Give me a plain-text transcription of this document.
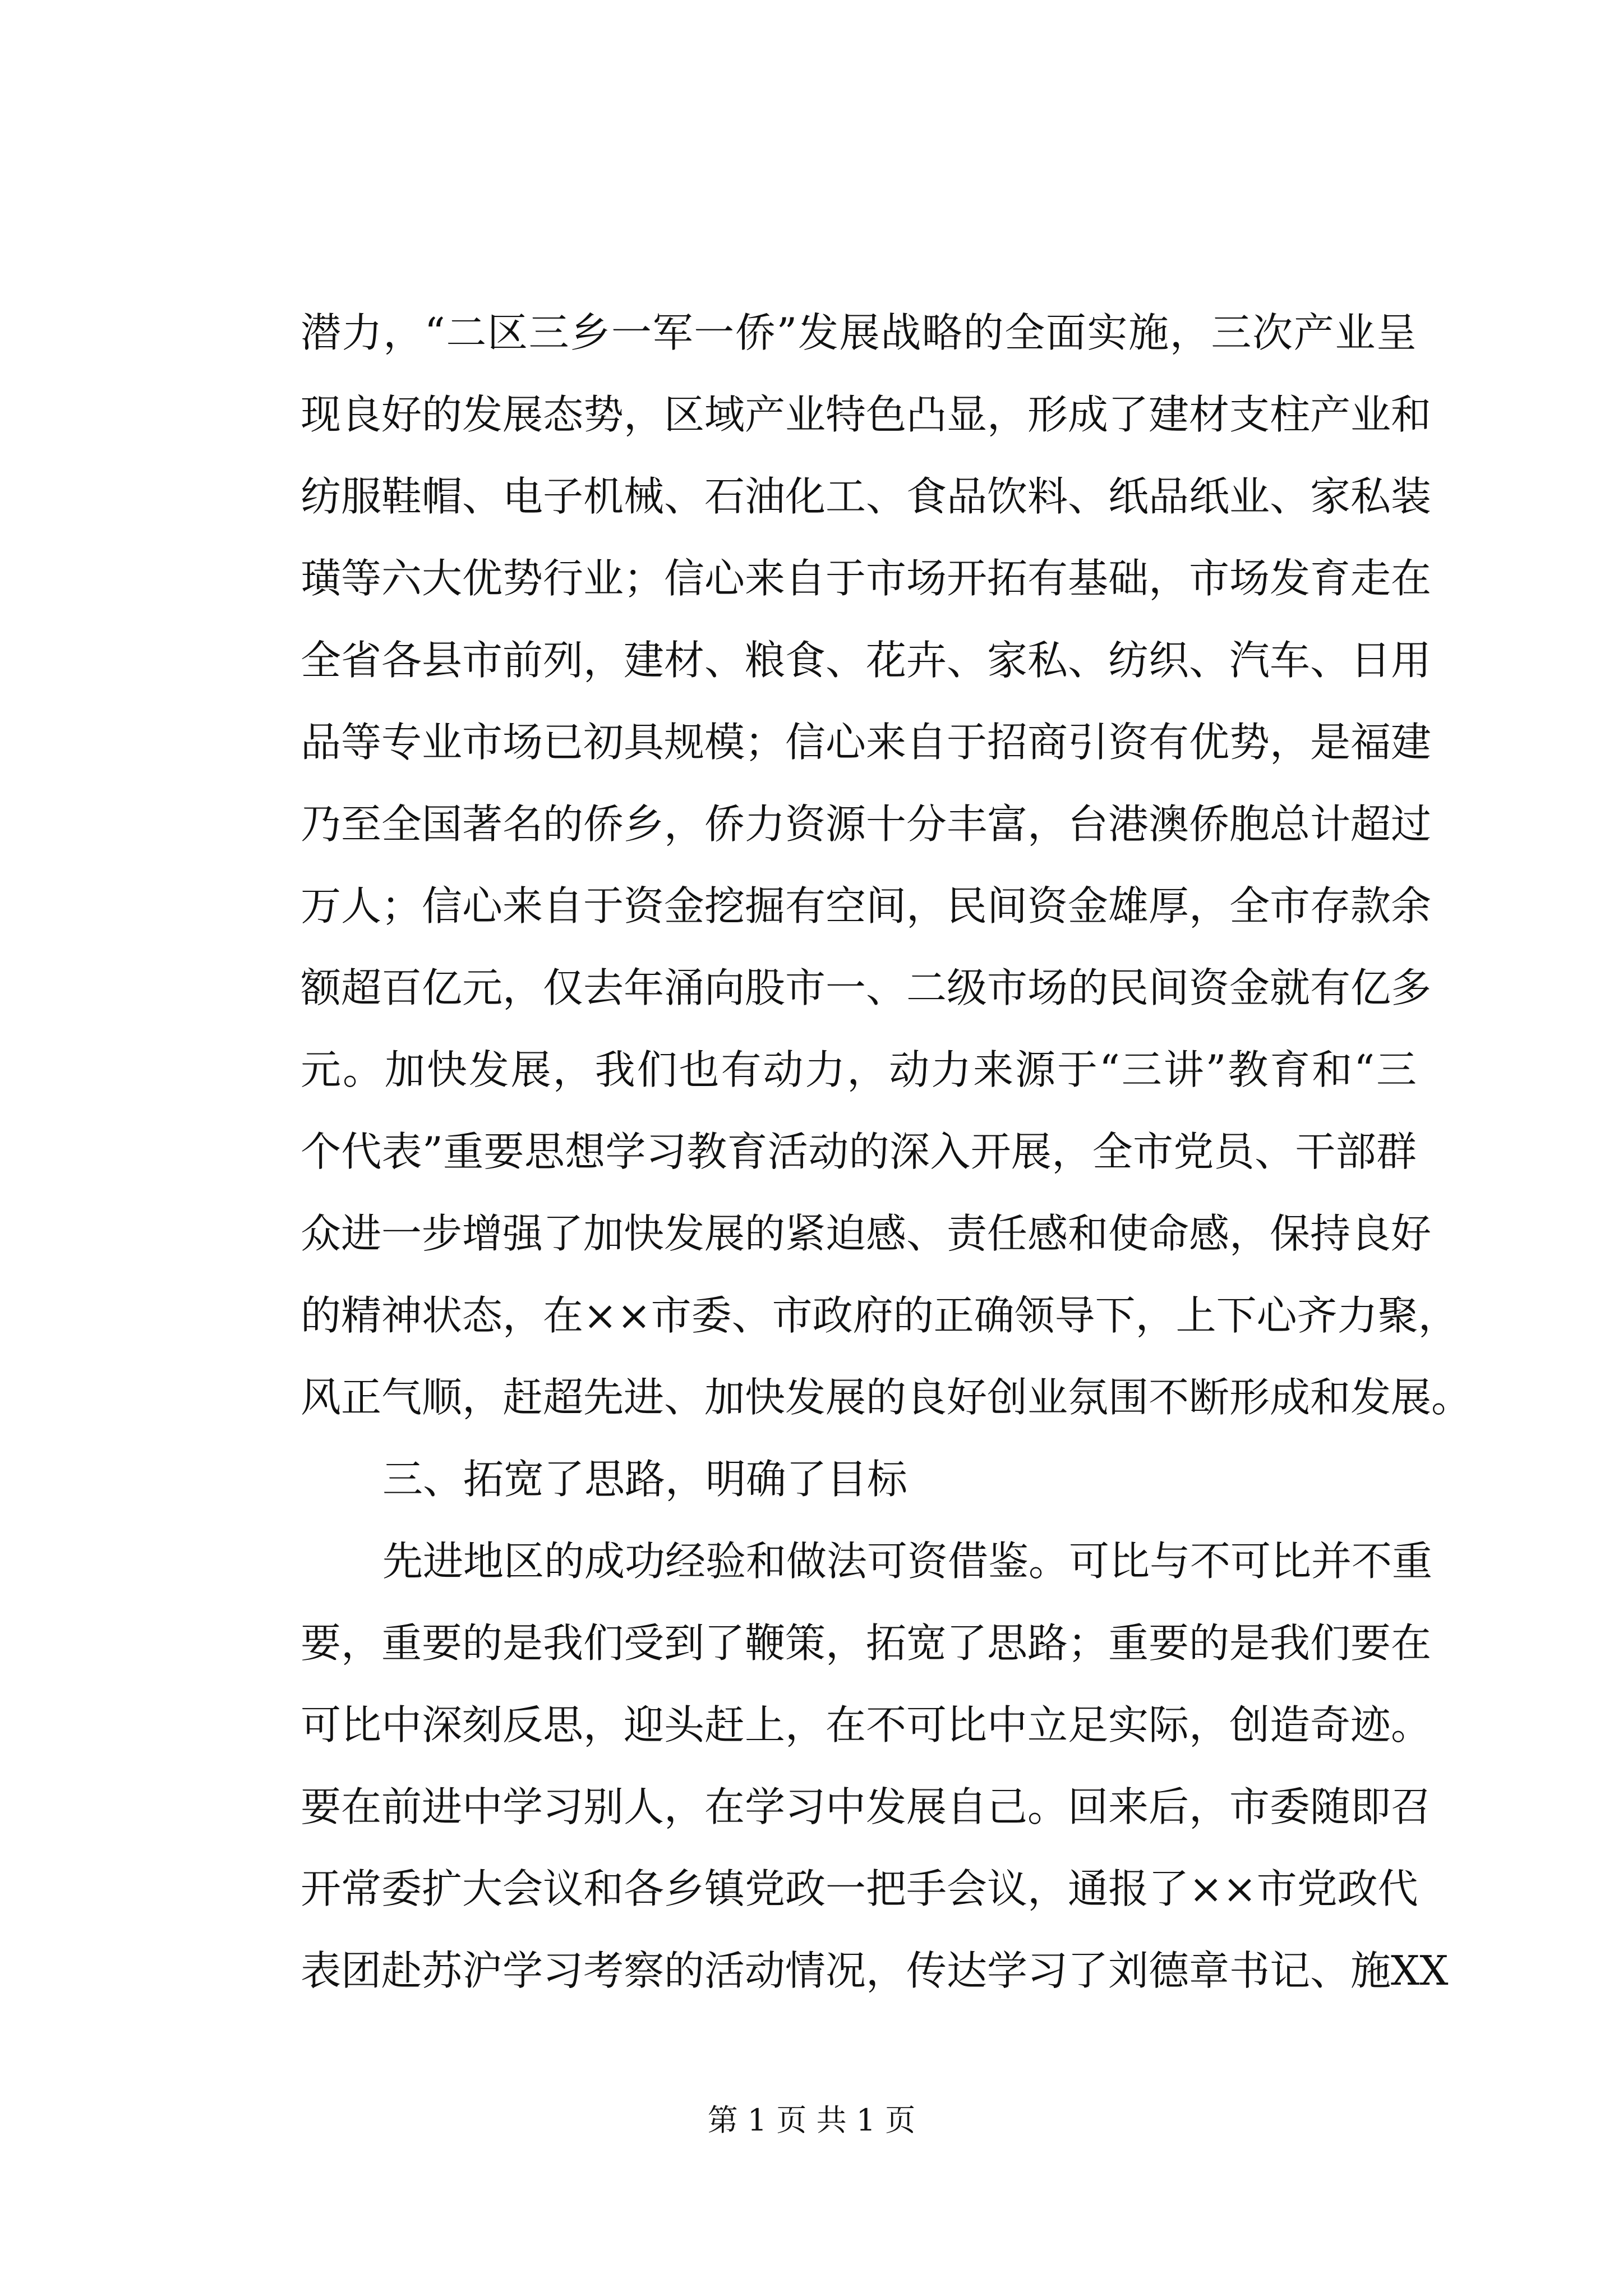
潜力，“二区三乡一军一侨”发展战略的全面实施，三次产业呈
现良好的发展态势，区域产业特色凸显，形成了建材支柱产业和
纺服鞋帽、电子机械、石油化工、食品饮料、纸品纸业、家私装
璜等六大优势行业；信心来自于市场开拓有基础，市场发育走在
全省各县市前列，建材、粮食、花卉、家私、纺织、汽车、日用
品等专业市场已初具规模；信心来自于招商引资有优势，是福建
乃至全国著名的侨乡，侨力资源十分丰富，台港澳侨胞总计超过
万人；信心来自于资金挖掘有空间，民间资金雄厚，全市存款余
额超百亿元，仅去年涌向股市一、二级市场的民间资金就有亿多
元。加快发展，我们也有动力，动力来源于“三讲”教育和“三
个代表”重要思想学习教育活动的深入开展，全市党员、干部群
众进一步增强了加快发展的紧迫感、责任感和使命感，保持良好
的精神状态，在××市委、市政府的正确领导下，上下心齐力聚，
风正气顺，赶超先进、加快发展的良好创业氛围不断形成和发展。
三、拓宽了思路，明确了目标
先进地区的成功经验和做法可资借鉴。可比与不可比并不重
要，重要的是我们受到了鞭策，拓宽了思路；重要的是我们要在
可比中深刻反思，迎头赶上，在不可比中立足实际，创造奇迹。
要在前进中学习别人，在学习中发展自己。回来后，市委随即召
开常委扩大会议和各乡镇党政一把手会议，通报了××市党政代
表团赴苏沪学习考察的活动情况，传达学习了刘德章书记、施XX
第 1 页 共 1 页
